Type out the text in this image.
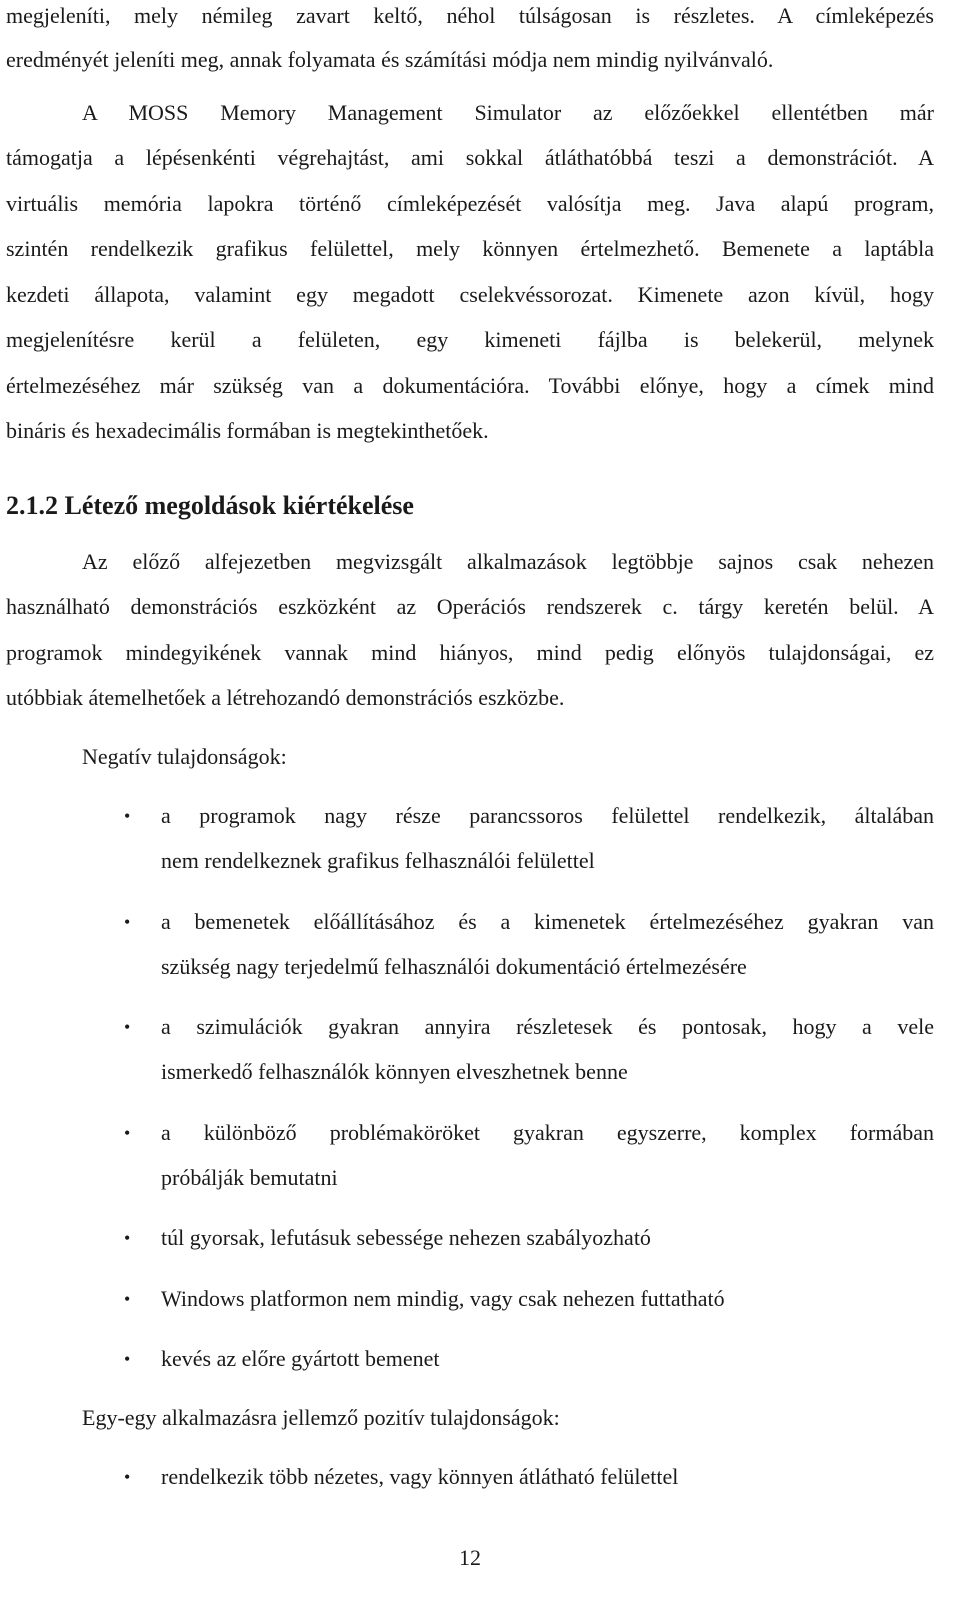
megjeleníti, mely némileg zavart keltő, néhol túlságosan is részletes. A címleképezés
eredményét jeleníti meg, annak folyamata és számítási módja nem mindig nyilvánvaló.
A MOSS Memory Management Simulator az előzőekkel ellentétben már
támogatja a lépésenkénti végrehajtást, ami sokkal átláthatóbbá teszi a demonstrációt. A
virtuális memória lapokra történő címleképezését valósítja meg. Java alapú program,
szintén rendelkezik grafikus felülettel, mely könnyen értelmezhető. Bemenete a laptábla
kezdeti állapota, valamint egy megadott cselekvéssorozat. Kimenete azon kívül, hogy
megjelenítésre kerül a felületen, egy kimeneti fájlba is belekerül, melynek
értelmezéséhez már szükség van a dokumentációra. További előnye, hogy a címek mind
bináris és hexadecimális formában is megtekinthetőek.
2.1.2 Létező megoldások kiértékelése
Az előző alfejezetben megvizsgált alkalmazások legtöbbje sajnos csak nehezen
használható demonstrációs eszközként az Operációs rendszerek c. tárgy keretén belül. A
programok mindegyikének vannak mind hiányos, mind pedig előnyös tulajdonságai, ez
utóbbiak átemelhetőek a létrehozandó demonstrációs eszközbe.
Negatív tulajdonságok:
• a programok nagy része parancssoros felülettel rendelkezik, általában
nem rendelkeznek grafikus felhasználói felülettel
• a bemenetek előállításához és a kimenetek értelmezéséhez gyakran van
szükség nagy terjedelmű felhasználói dokumentáció értelmezésére
• a szimulációk gyakran annyira részletesek és pontosak, hogy a vele
ismerkedő felhasználók könnyen elveszhetnek benne
• a különböző problémaköröket gyakran egyszerre, komplex formában
próbálják bemutatni
• túl gyorsak, lefutásuk sebessége nehezen szabályozható
• Windows platformon nem mindig, vagy csak nehezen futtatható
• kevés az előre gyártott bemenet
Egy-egy alkalmazásra jellemző pozitív tulajdonságok:
• rendelkezik több nézetes, vagy könnyen átlátható felülettel
12
